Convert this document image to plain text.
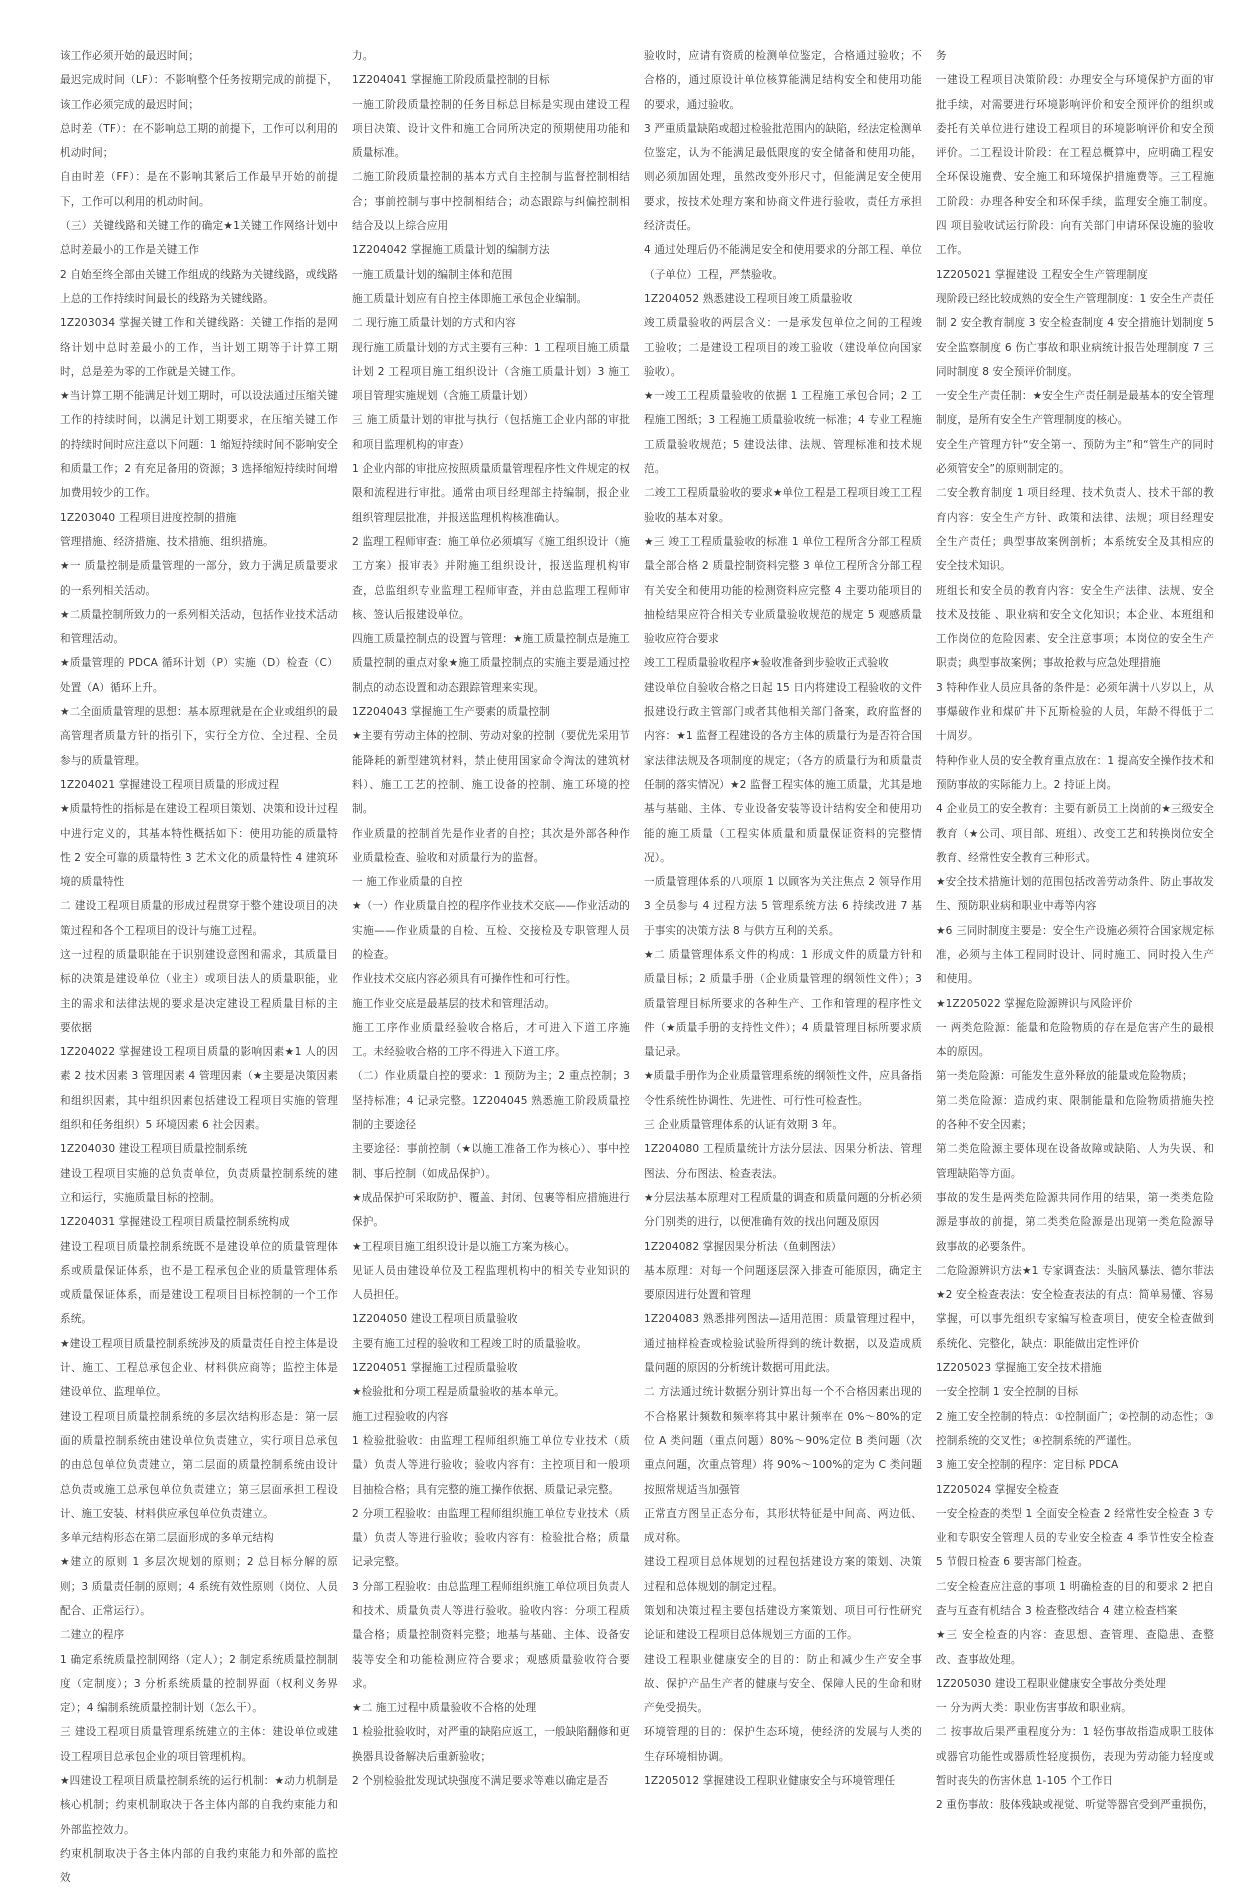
该工作必须开始的最迟时间；

最迟完成时间（LF）：不影响整个任务按期完成的前提下，该工作必须完成的最迟时间；

总时差（TF）：在不影响总工期的前提下，工作可以利用的机动时间；

自由时差（FF）：是在不影响其紧后工作最早开始的前提下，工作可以利用的机动时间。

（三）关键线路和关键工作的确定★1关键工作网络计划中总时差最小的工作是关键工作

2 自始至终全部由关键工作组成的线路为关键线路，或线路上总的工作持续时间最长的线路为关键线路。

1Z203034 掌握关键工作和关键线路：关键工作指的是网络计划中总时差最小的工作，当计划工期等于计算工期时，总是差为零的工作就是关键工作。

★当计算工期不能满足计划工期时，可以设法通过压缩关键工作的持续时间，以满足计划工期要求，在压缩关键工作的持续时间时应注意以下问题：1 缩短持续时间不影响安全和质量工作；2 有充足备用的资源；3 选择缩短持续时间增加费用较少的工作。

1Z203040 工程项目进度控制的措施

管理措施、经济措施、技术措施、组织措施。

★一 质量控制是质量管理的一部分，致力于满足质量要求的一系列相关活动。

★二质量控制所致力的一系列相关活动，包括作业技术活动和管理活动。

★质量管理的 PDCA 循环计划（P）实施（D）检查（C）处置（A）循环上升。

★二全面质量管理的思想：基本原理就是在企业或组织的最高管理者质量方针的指引下，实行全方位、全过程、全员参与的质量管理。

1Z204021 掌握建设工程项目质量的形成过程

★质量特性的指标是在建设工程项目策划、决策和设计过程中进行定义的，其基本特性概括如下：使用功能的质量特性 2 安全可靠的质量特性 3 艺术文化的质量特性 4 建筑环境的质量特性

二 建设工程项目质量的形成过程贯穿于整个建设项目的决策过程和各个工程项目的设计与施工过程。

这一过程的质量职能在于识别建设意图和需求，其质量目标的决策是建设单位（业主）或项目法人的质量职能，业主的需求和法律法规的要求是决定建设工程质量目标的主要依据

1Z204022 掌握建设工程项目质量的影响因素★1 人的因素 2 技术因素 3 管理因素 4 管理因素（★主要是决策因素和组织因素，其中组织因素包括建设工程项目实施的管理组织和任务组织）5 环境因素 6 社会因素。

1Z204030 建设工程项目质量控制系统

建设工程项目实施的总负责单位，负责质量控制系统的建立和运行，实施质量目标的控制。

1Z204031 掌握建设工程项目质量控制系统构成

建设工程项目质量控制系统既不是建设单位的质量管理体系或质量保证体系，也不是工程承包企业的质量管理体系或质量保证体系，而是建设工程项目目标控制的一个工作系统。

★建设工程项目质量控制系统涉及的质量责任自控主体是设计、施工、工程总承包企业、材料供应商等；监控主体是建设单位、监理单位。

建设工程项目质量控制系统的多层次结构形态是：第一层面的质量控制系统由建设单位负责建立，实行项目总承包的由总包单位负责建立，第二层面的质量控制系统由设计总负责或施工总承包单位负责建立；第三层面承担工程设计、施工安装、材料供应承包单位负责建立。

多单元结构形态在第二层面形成的多单元结构

★建立的原则 1 多层次规划的原则；2 总目标分解的原则；3 质量责任制的原则；4 系统有效性原则（岗位、人员配合、正常运行）。

二建立的程序

1 确定系统质量控制网络（定人）；2 制定系统质量控制制度（定制度）；3 分析系统质量的控制界面（权利义务界定）；4 编制系统质量控制计划（怎么干）。

三 建设工程项目质量管理系统建立的主体：建设单位或建设工程项目总承包企业的项目管理机构。

★四建设工程项目质量控制系统的运行机制：★动力机制是核心机制；约束机制取决于各主体内部的自我约束能力和外部监控效力。

约束机制取决于各主体内部的自我约束能力和外部的监控效

力。

1Z204041 掌握施工阶段质量控制的目标

一施工阶段质量控制的任务目标总目标是实现由建设工程项目决策、设计文件和施工合同所决定的预期使用功能和质量标准。

二施工阶段质量控制的基本方式自主控制与监督控制相结合；事前控制与事中控制相结合；动态跟踪与纠偏控制相结合及以上综合应用

1Z204042 掌握施工质量计划的编制方法

一施工质量计划的编制主体和范围

施工质量计划应有自控主体即施工承包企业编制。

二 现行施工质量计划的方式和内容

现行施工质量计划的方式主要有三种：1 工程项目施工质量计划 2 工程项目施工组织设计（含施工质量计划）3 施工项目管理实施规划（含施工质量计划）

三 施工质量计划的审批与执行（包括施工企业内部的审批和项目监理机构的审查）

1 企业内部的审批应按照质量质量管理程序性文件规定的权限和流程进行审批。通常由项目经理部主持编制，报企业组织管理层批准，并报送监理机构核准确认。

2 监理工程师审查：施工单位必须填写《施工组织设计（施工方案）报审表》并附施工组织设计，报送监理机构审查，总监组织专业监理工程师审查，并由总监理工程师审核、签认后报建设单位。

四施工质量控制点的设置与管理：★施工质量控制点是施工质量控制的重点对象★施工质量控制点的实施主要是通过控制点的动态设置和动态跟踪管理来实现。

1Z204043 掌握施工生产要素的质量控制

★主要有劳动主体的控制、劳动对象的控制（要优先采用节能降耗的新型建筑材料，禁止使用国家命令淘汰的建筑材料）、施工工艺的控制、施工设备的控制、施工环境的控制。

作业质量的控制首先是作业者的自控；其次是外部各种作业质量检查、验收和对质量行为的监督。

一 施工作业质量的自控

★（一）作业质量自控的程序作业技术交底——作业活动的实施——作业质量的自检、互检、交接检及专职管理人员的检查。

作业技术交底内容必须具有可操作性和可行性。

施工作业交底是最基层的技术和管理活动。

施工工序作业质量经验收合格后，才可进入下道工序施工。未经验收合格的工序不得进入下道工序。

（二）作业质量自控的要求：1 预防为主；2 重点控制；3 坚持标准；4 记录完整。1Z204045 熟悉施工阶段质量控制的主要途径

主要途径：事前控制（★以施工准备工作为核心）、事中控制、事后控制（如成品保护）。

★成品保护可采取防护、覆盖、封闭、包裹等相应措施进行保护。

★工程项目施工组织设计是以施工方案为核心。

见证人员由建设单位及工程监理机构中的相关专业知识的人员担任。

1Z204050 建设工程项目质量验收

主要有施工过程的验收和工程竣工时的质量验收。

1Z204051 掌握施工过程质量验收

★检验批和分项工程是质量验收的基本单元。

施工过程验收的内容

1 检验批验收：由监理工程师组织施工单位专业技术（质量）负责人等进行验收；验收内容有：主控项目和一般项目抽检合格；具有完整的施工操作依据、质量记录完整。

2 分项工程验收：由监理工程师组织施工单位专业技术（质量）负责人等进行验收；验收内容有：检验批合格；质量记录完整。

3 分部工程验收：由总监理工程师组织施工单位项目负责人和技术、质量负责人等进行验收。验收内容：分项工程质量合格；质量控制资料完整；地基与基础、主体、设备安装等安全和功能检测应符合要求；观感质量验收符合要求。

★二 施工过程中质量验收不合格的处理

1 检验批验收时，对严重的缺陷应返工，一般缺陷翻修和更换器具设备解决后重新验收；

2 个别检验批发现试块强度不满足要求等难以确定是否

验收时，应请有资质的检测单位鉴定，合格通过验收；不合格的，通过原设计单位核算能满足结构安全和使用功能的要求，通过验收。

3 严重质量缺陷或超过检验批范围内的缺陷，经法定检测单位鉴定，认为不能满足最低限度的安全储备和使用功能，则必须加固处理，虽然改变外形尺寸，但能满足安全使用要求，按技术处理方案和协商文件进行验收，责任方承担经济责任。

4 通过处理后仍不能满足安全和使用要求的分部工程、单位（子单位）工程，严禁验收。

1Z204052 熟悉建设工程项目竣工质量验收

竣工质量验收的两层含义：一是承发包单位之间的工程竣工验收；二是建设工程项目的竣工验收（建设单位向国家验收）。

★一竣工工程质量验收的依据 1 工程施工承包合同；2 工程施工图纸；3 工程施工质量验收统一标准；4 专业工程施工质量验收规范；5 建设法律、法规、管理标准和技术规范。

二竣工工程质量验收的要求★单位工程是工程项目竣工工程验收的基本对象。

★三 竣工工程质量验收的标准 1 单位工程所含分部工程质量全部合格 2 质量控制资料完整 3 单位工程所含分部工程有关安全和使用功能的检测资料应完整 4 主要功能项目的抽检结果应符合相关专业质量验收规范的规定 5 观感质量验收应符合要求

竣工工程质量验收程序★验收准备到步验收正式验收

建设单位自验收合格之日起 15 日内将建设工程验收的文件报建设行政主管部门或者其他相关部门备案，政府监督的内容：★1 监督工程建设的各方主体的质量行为是否符合国家法律法规及各项制度的规定；（各方的质量行为和质量责任制的落实情况）★2 监督工程实体的施工质量，尤其是地基与基础、主体、专业设备安装等设计结构安全和使用功能的施工质量（工程实体质量和质量保证资料的完整情况）。

一质量管理体系的八项原 1 以顾客为关注焦点 2 领导作用 3 全员参与 4 过程方法 5 管理系统方法 6 持续改进 7 基于事实的决策方法 8 与供方互利的关系。

★二 质量管理体系文件的构成：1 形成文件的质量方针和质量目标；2 质量手册（企业质量管理的纲领性文件）；3 质量管理目标所要求的各种生产、工作和管理的程序性文件（★质量手册的支持性文件）；4 质量管理目标所要求质量记录。

★质量手册作为企业质量管理系统的纲领性文件，应具备指令性系统性协调性、先进性、可行性可检查性。

三 企业质量管理体系的认证有效期 3 年。

1Z204080 工程质量统计方法分层法、因果分析法、管理图法、分布图法、检查表法。

★分层法基本原理对工程质量的调查和质量问题的分析必须分门别类的进行，以便准确有效的找出问题及原因

1Z204082 掌握因果分析法（鱼刺图法）

基本原理：对每一个问题逐层深入排查可能原因，确定主要原因进行处置和管理

1Z204083 熟悉排列图法—适用范围：质量管理过程中，通过抽样检查或检验试验所得到的统计数据，以及造成质量问题的原因的分析统计数据可用此法。

二 方法通过统计数据分别计算出每一个不合格因素出现的不合格累计频数和频率将其中累计频率在 0%～80%的定位 A 类问题（重点问题）80%～90%定位 B 类问题（次重点问题，次重点管理）将 90%～100%的定为 C 类问题按照常规适当加强管

正常直方图呈正态分布，其形状特征是中间高、两边低、成对称。

建设工程项目总体规划的过程包括建设方案的策划、决策过程和总体规划的制定过程。

策划和决策过程主要包括建设方案策划、项目可行性研究论证和建设工程项目总体规划三方面的工作。

建设工程职业健康安全的目的：防止和减少生产安全事故、保护产品生产者的健康与安全、保障人民的生命和财产免受损失。

环境管理的目的：保护生态环境，使经济的发展与人类的生存环境相协调。

1Z205012 掌握建设工程职业健康安全与环境管理任

务

一建设工程项目决策阶段：办理安全与环境保护方面的审批手续，对需要进行环境影响评价和安全预评价的组织或委托有关单位进行建设工程项目的环境影响评价和安全预评价。二工程设计阶段：在工程总概算中，应明确工程安全环保设施费、安全施工和环境保护措施费等。三工程施工阶段：办理各种安全和环保手续，监理安全施工制度。四 项目验收试运行阶段：向有关部门申请环保设施的验收工作。

1Z205021 掌握建设 工程安全生产管理制度

现阶段已经比较成熟的安全生产管理制度：1 安全生产责任制 2 安全教育制度 3 安全检查制度 4 安全措施计划制度 5 安全监察制度 6 伤亡事故和职业病统计报告处理制度 7 三同时制度 8 安全预评价制度。

一安全生产责任制：★安全生产责任制是最基本的安全管理制度，是所有安全生产管理制度的核心。

安全生产管理方针“安全第一、预防为主”和“管生产的同时必须管安全”的原则制定的。

二安全教育制度 1 项目经理、技术负责人、技术干部的教育内容：安全生产方针、政策和法律、法规；项目经理安全生产责任；典型事故案例剖析；本系统安全及其相应的安全技术知识。

班组长和安全员的教育内容：安全生产法律、法规、安全技术及技能 、职业病和安全文化知识；本企业、本班组和工作岗位的危险因素、安全注意事项；本岗位的安全生产职责；典型事故案例；事故抢救与应急处理措施

3 特种作业人员应具备的条件是：必须年满十八岁以上，从事爆破作业和煤矿井下瓦斯检验的人员，年龄不得低于二十周岁。

特种作业人员的安全教育重点放在：1 提高安全操作技术和预防事故的实际能力上。2 持证上岗。

4 企业员工的安全教育：主要有新员工上岗前的★三级安全教育（★公司、项目部、班组）、改变工艺和转换岗位安全教育、经常性安全教育三种形式。

★安全技术措施计划的范围包括改善劳动条件、防止事故发生、预防职业病和职业中毒等内容

★6 三同时制度主要是：安全生产设施必须符合国家规定标准，必须与主体工程同时设计、同时施工、同时投入生产和使用。

★1Z205022 掌握危险源辨识与风险评价

一 两类危险源：能量和危险物质的存在是危害产生的最根本的原因。

第一类危险源：可能发生意外释放的能量或危险物质；

第二类危险源：造成约束、限制能量和危险物质措施失控的各种不安全因素；

第二类危险源主要体现在设备故障或缺陷、人为失误、和管理缺陷等方面。

事故的发生是两类危险源共同作用的结果，第一类类危险源是事故的前提，第二类类危险源是出现第一类危险源导致事故的必要条件。

二危险源辨识方法★1 专家调查法：头脑风暴法、德尔菲法★2 安全检查表法：安全检查表法的有点：简单易懂、容易掌握，可以事先组织专家编写检查项目，使安全检查做到系统化、完整化，缺点：职能做出定性评价

1Z205023 掌握施工安全技术措施

一安全控制 1 安全控制的目标

2 施工安全控制的特点：①控制面广；②控制的动态性；③控制系统的交叉性；④控制系统的严谨性。

3 施工安全控制的程序：定目标 PDCA

1Z205024 掌握安全检查

一安全检查的类型 1 全面安全检查 2 经常性安全检查 3 专业和专职安全管理人员的专业安全检查 4 季节性安全检查 5 节假日检查 6 要害部门检查。

二安全检查应注意的事项 1 明确检查的目的和要求 2 把自查与互查有机结合 3 检查整改结合 4 建立检查档案

★三 安全检查的内容：查思想、查管理、查隐患、查整改、查事故处理。

1Z205030 建设工程职业健康安全事故分类处理

一 分为两大类：职业伤害事故和职业病。

二 按事故后果严重程度分为：1 轻伤事故指造成职工肢体或器官功能性或器质性轻度损伤，表现为劳动能力轻度或暂时丧失的伤害休息 1-105 个工作日

2 重伤事故：肢体残缺或视觉、听觉等器官受到严重损伤，
